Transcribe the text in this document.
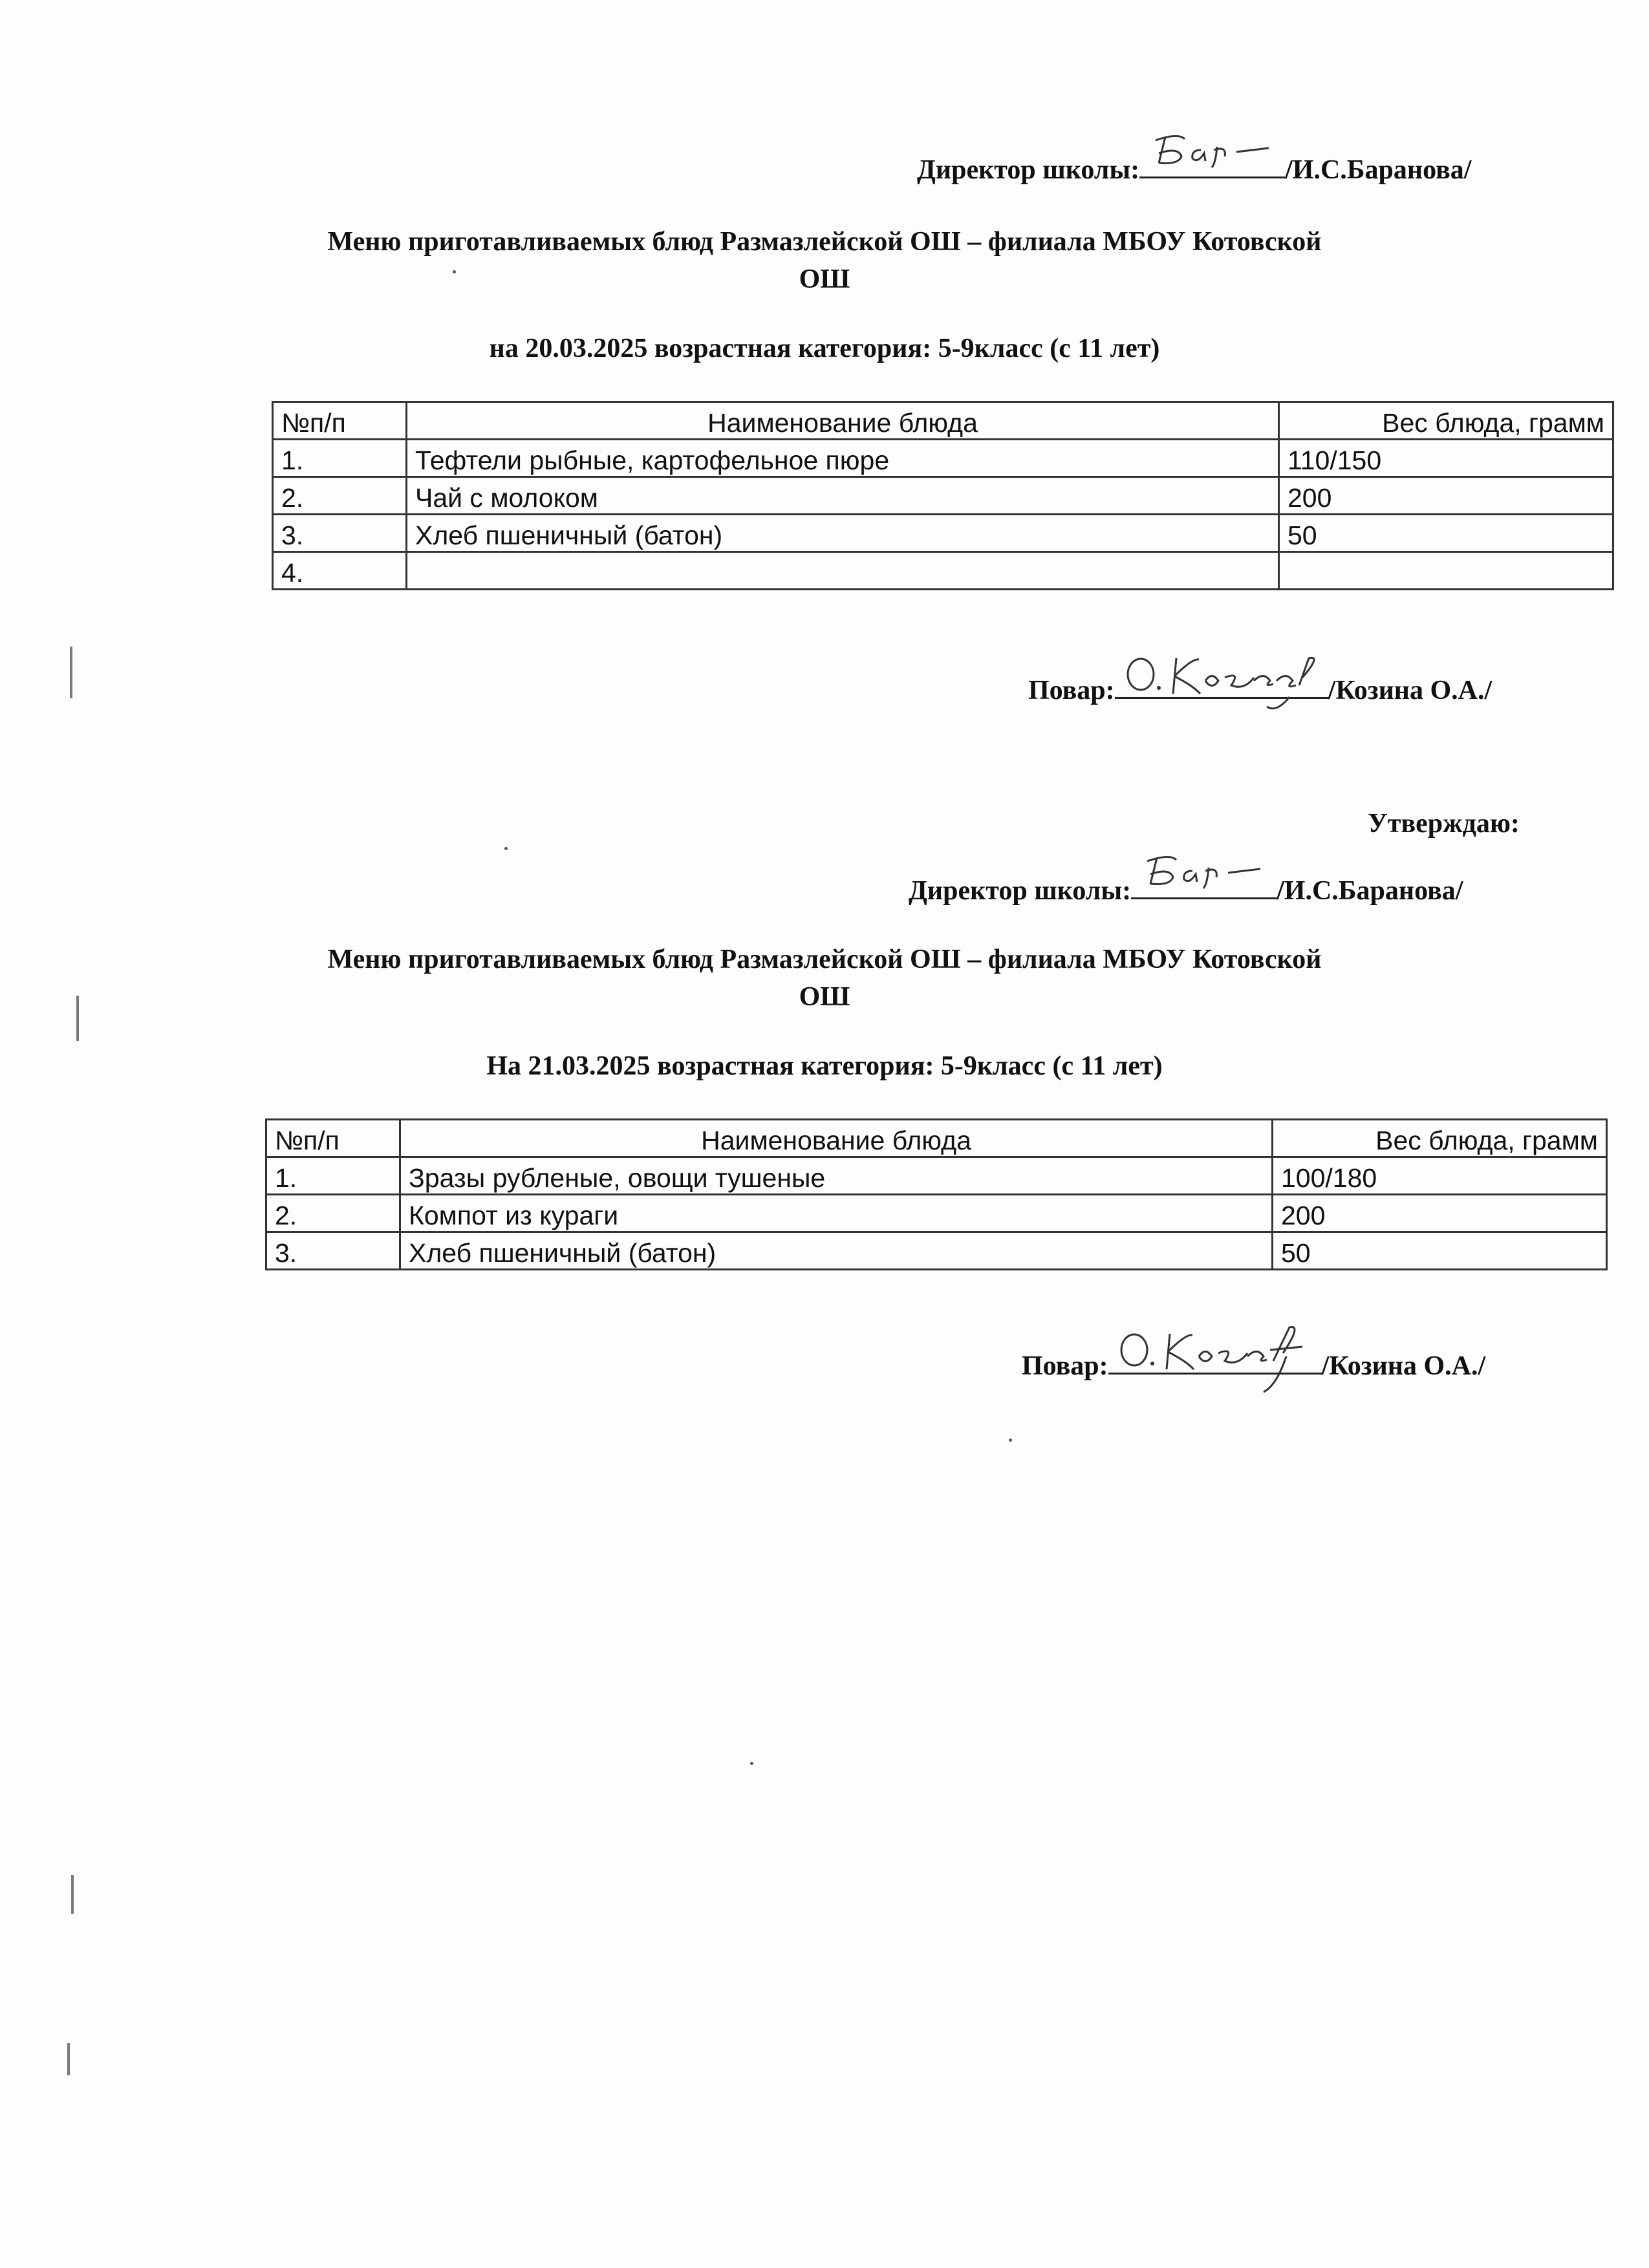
Директор школы:	/И.С.Баранова/
Меню приготавливаемых блюд Размазлейской ОШ – филиала МБОУ Котовской
ОШ
на 20.03.2025 возрастная категория: 5-9класс (с 11 лет)
№п/п	Наименование блюда	Вес блюда, грамм
1.	Тефтели рыбные, картофельное пюре	110/150
2.	Чай с молоком	200
3.	Хлеб пшеничный (батон)	50
4.		
Повар:	/Козина О.А./
Утверждаю:
Директор школы:	/И.С.Баранова/
Меню приготавливаемых блюд Размазлейской ОШ – филиала МБОУ Котовской
ОШ
На 21.03.2025 возрастная категория: 5-9класс (с 11 лет)
№п/п	Наименование блюда	Вес блюда, грамм
1.	Зразы рубленые, овощи тушеные	100/180
2.	Компот из кураги	200
3.	Хлеб пшеничный (батон)	50
Повар:	/Козина О.А./
